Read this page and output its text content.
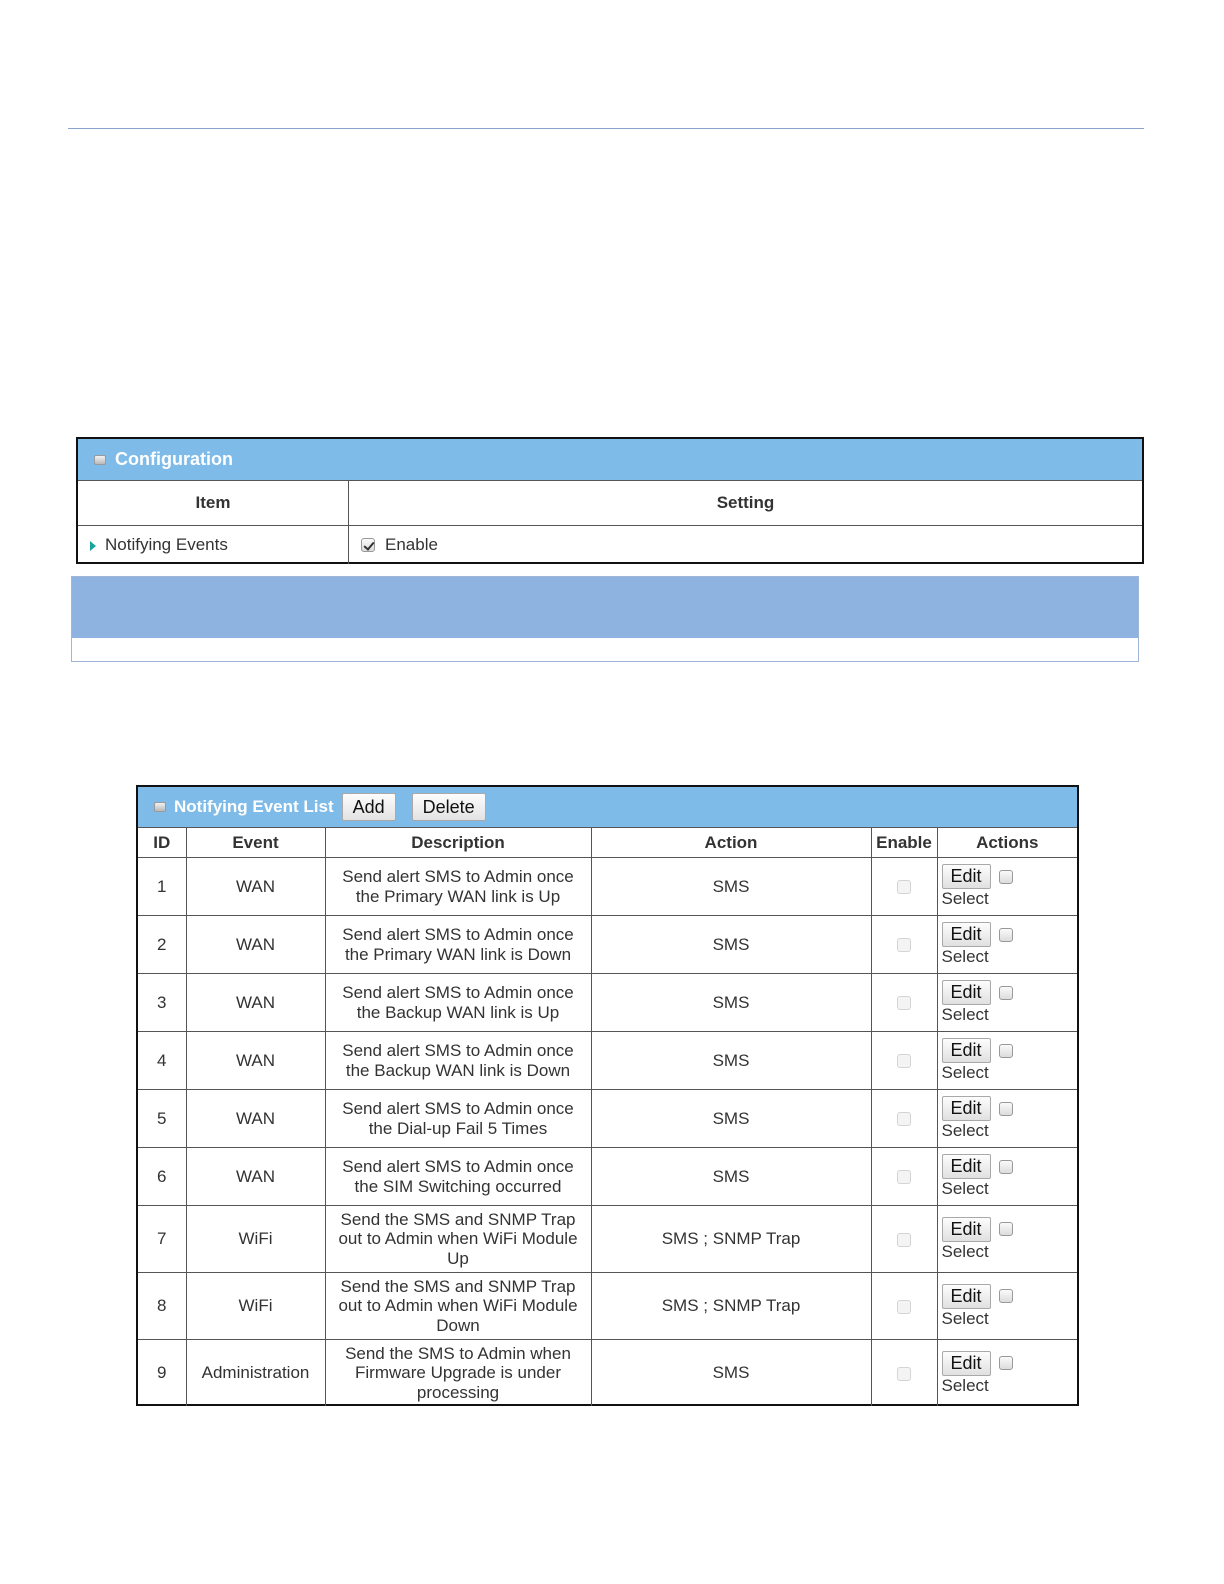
Configuration
Item	Setting
Notifying Events	Enable
Notifying Event List	Add	Delete
ID	Event	Description	Action	Enable	Actions
1	WAN	Send alert SMS to Admin once
the Primary WAN link is Up	SMS		Edit
Select

2	WAN	Send alert SMS to Admin once
the Primary WAN link is Down	SMS		Edit
Select

3	WAN	Send alert SMS to Admin once
the Backup WAN link is Up	SMS		Edit
Select

4	WAN	Send alert SMS to Admin once
the Backup WAN link is Down	SMS		Edit
Select

5	WAN	Send alert SMS to Admin once
the Dial-up Fail 5 Times	SMS		Edit
Select

6	WAN	Send alert SMS to Admin once
the SIM Switching occurred	SMS		Edit
Select

7	WiFi	Send the SMS and SNMP Trap
out to Admin when WiFi Module
Up	SMS ; SNMP Trap		Edit
Select

8	WiFi	Send the SMS and SNMP Trap
out to Admin when WiFi Module
Down	SMS ; SNMP Trap		Edit
Select

9	Administration	Send the SMS to Admin when
Firmware Upgrade is under
processing	SMS		Edit
Select
